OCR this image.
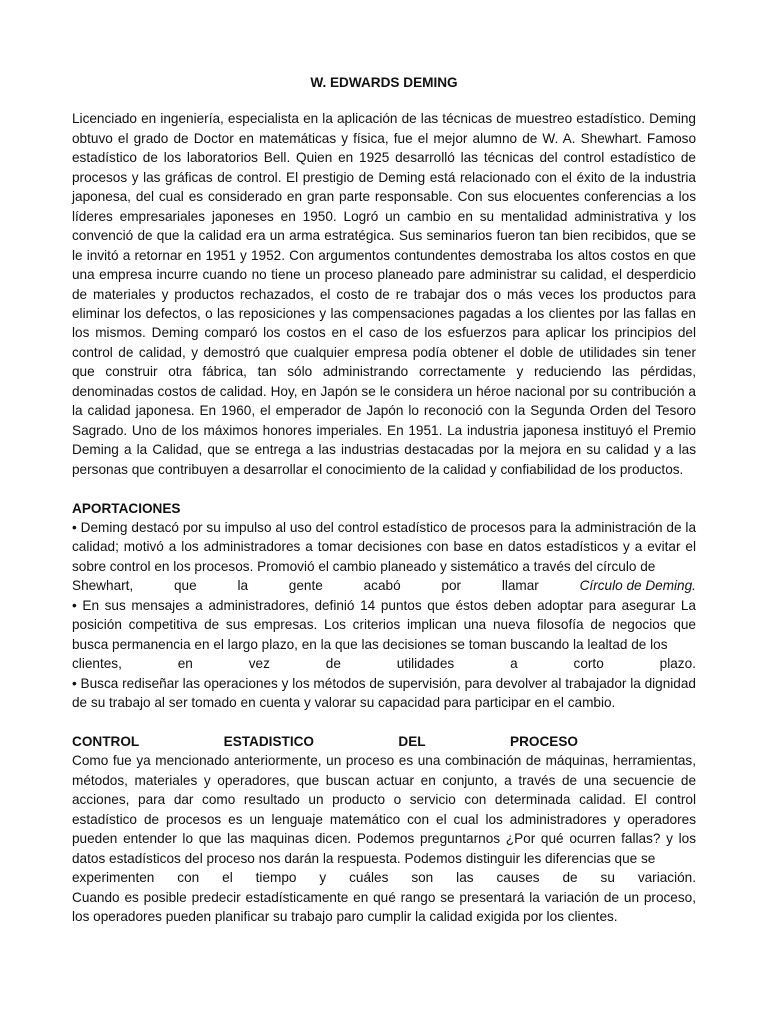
W. EDWARDS DEMING

Licenciado en ingeniería, especialista en la aplicación de las técnicas de muestreo estadístico. Deming obtuvo el grado de Doctor en matemáticas y física, fue el mejor alumno de W. A. Shewhart. Famoso estadístico de los laboratorios Bell. Quien en 1925 desarrolló las técnicas del control estadístico de procesos y las gráficas de control. El prestigio de Deming está relacionado con el éxito de la industria japonesa, del cual es considerado en gran parte responsable. Con sus elocuentes conferencias a los líderes empresariales japoneses en 1950. Logró un cambio en su mentalidad administrativa y los convenció de que la calidad era un arma estratégica. Sus seminarios fueron tan bien recibidos, que se le invitó a retornar en 1951 y 1952. Con argumentos contundentes demostraba los altos costos en que una empresa incurre cuando no tiene un proceso planeado pare administrar su calidad, el desperdicio de materiales y productos rechazados, el costo de re trabajar dos o más veces los productos para eliminar los defectos, o las reposiciones y las compensaciones pagadas a los clientes por las fallas en los mismos. Deming comparó los costos en el caso de los esfuerzos para aplicar los principios del control de calidad, y demostró que cualquier empresa podía obtener el doble de utilidades sin tener que construir otra fábrica, tan sólo administrando correctamente y reduciendo las pérdidas, denominadas costos de calidad. Hoy, en Japón se le considera un héroe nacional por su contribución a la calidad japonesa. En 1960, el emperador de Japón lo reconoció con la Segunda Orden del Tesoro Sagrado. Uno de los máximos honores imperiales. En 1951. La industria japonesa instituyó el Premio Deming a la Calidad, que se entrega a las industrias destacadas por la mejora en su calidad y a las personas que contribuyen a desarrollar el conocimiento de la calidad y confiabilidad de los productos.

APORTACIONES

• Deming destacó por su impulso al uso del control estadístico de procesos para la administración de la calidad; motivó a los administradores a tomar decisiones con base en datos estadísticos y a evitar el sobre control en los procesos. Promovió el cambio planeado y sistemático a través del círculo de

Shewhart,	que	la	gente	acabó	por	llamar	Círculo de Deming.

• En sus mensajes a administradores, definió 14 puntos que éstos deben adoptar para asegurar La posición competitiva de sus empresas. Los criterios implican una nueva filosofía de negocios que busca permanencia en el largo plazo, en la que las decisiones se toman buscando la lealtad de los

clientes,	en	vez	de	utilidades	a	corto	plazo.

• Busca rediseñar las operaciones y los métodos de supervisión, para devolver al trabajador la dignidad de su trabajo al ser tomado en cuenta y valorar su capacidad para participar en el cambio.

CONTROL	ESTADISTICO	DEL	PROCESO

Como fue ya mencionado anteriormente, un proceso es una combinación de máquinas, herramientas, métodos, materiales y operadores, que buscan actuar en conjunto, a través de una secuencie de acciones, para dar como resultado un producto o servicio con determinada calidad. El control estadístico de procesos es un lenguaje matemático con el cual los administradores y operadores pueden entender lo que las maquinas dicen. Podemos preguntarnos ¿Por qué ocurren fallas? y los datos estadísticos del proceso nos darán la respuesta. Podemos distinguir les diferencias que se

experimenten con el tiempo y cuáles son las causes de su variación.

Cuando es posible predecir estadísticamente en qué rango se presentará la variación de un proceso, los operadores pueden planificar su trabajo paro cumplir la calidad exigida por los clientes.
